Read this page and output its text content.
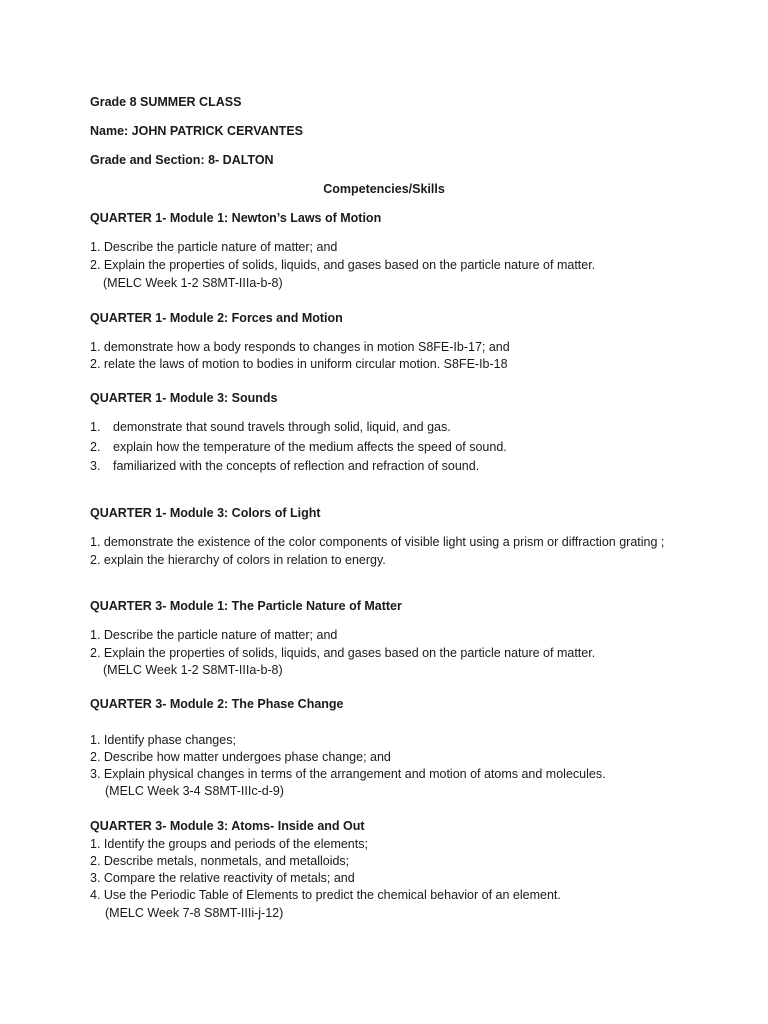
Grade 8 SUMMER CLASS
Name: JOHN PATRICK CERVANTES
Grade and Section: 8- DALTON
Competencies/Skills
QUARTER 1- Module 1: Newton’s Laws of Motion
1. Describe the particle nature of matter; and
2. Explain the properties of solids, liquids, and gases based on the particle nature of matter.
(MELC Week 1-2 S8MT-IIIa-b-8)
QUARTER 1- Module 2: Forces and Motion
1. demonstrate how a body responds to changes in motion S8FE-Ib-17; and
2. relate the laws of motion to bodies in uniform circular motion. S8FE-Ib-18
QUARTER 1- Module 3: Sounds
1. demonstrate that sound travels through solid, liquid, and gas.
2. explain how the temperature of the medium affects the speed of sound.
3. familiarized with the concepts of reflection and refraction of sound.
QUARTER 1- Module 3: Colors of Light
1. demonstrate the existence of the color components of visible light using a prism or diffraction grating ;
2. explain the hierarchy of colors in relation to energy.
QUARTER 3- Module 1: The Particle Nature of Matter
1. Describe the particle nature of matter; and
2. Explain the properties of solids, liquids, and gases based on the particle nature of matter.
(MELC Week 1-2 S8MT-IIIa-b-8)
QUARTER 3- Module 2: The Phase Change
1. Identify phase changes;
2. Describe how matter undergoes phase change; and
3. Explain physical changes in terms of the arrangement and motion of atoms and molecules.
(MELC Week 3-4 S8MT-IIIc-d-9)
QUARTER 3- Module 3: Atoms- Inside and Out
1. Identify the groups and periods of the elements;
2. Describe metals, nonmetals, and metalloids;
3. Compare the relative reactivity of metals; and
4. Use the Periodic Table of Elements to predict the chemical behavior of an element.
(MELC Week 7-8 S8MT-IIIi-j-12)
